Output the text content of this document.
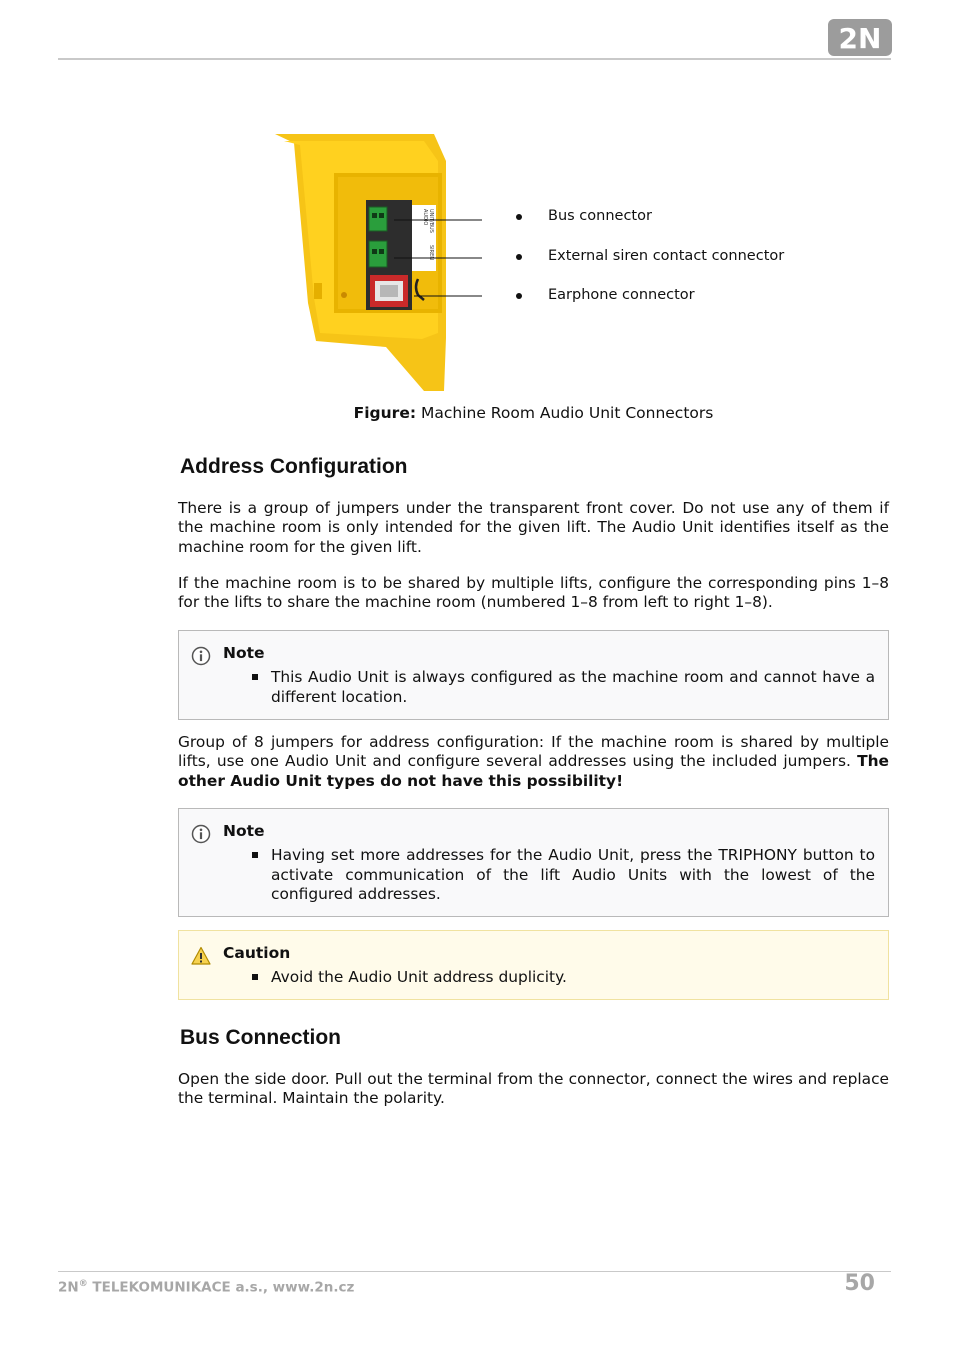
2N
AUDIO UNIT/BUS
SIREN
Bus connector
External siren contact connector
Earphone connector
Figure: Machine Room Audio Unit Connectors
Address Configuration

There is a group of jumpers under the transparent front cover. Do not use any of them if the machine room is only intended for the given lift. The Audio Unit identifies itself as the machine room for the given lift.

If the machine room is to be shared by multiple lifts, configure the corresponding pins 1–8 for the lifts to share the machine room (numbered 1–8 from left to right 1–8).

Note
This Audio Unit is always configured as the machine room and cannot have a different location.

Group of 8 jumpers for address configuration: If the machine room is shared by multiple lifts, use one Audio Unit and configure several addresses using the included jumpers. The other Audio Unit types do not have this possibility!

Note
Having set more addresses for the Audio Unit, press the TRIPHONY button to activate communication of the lift Audio Units with the lowest of the configured addresses.
Caution
Avoid the Audio Unit address duplicity.
Bus Connection

Open the side door. Pull out the terminal from the connector, connect the wires and replace the terminal. Maintain the polarity.

2N® TELEKOMUNIKACE a.s., www.2n.cz	50
